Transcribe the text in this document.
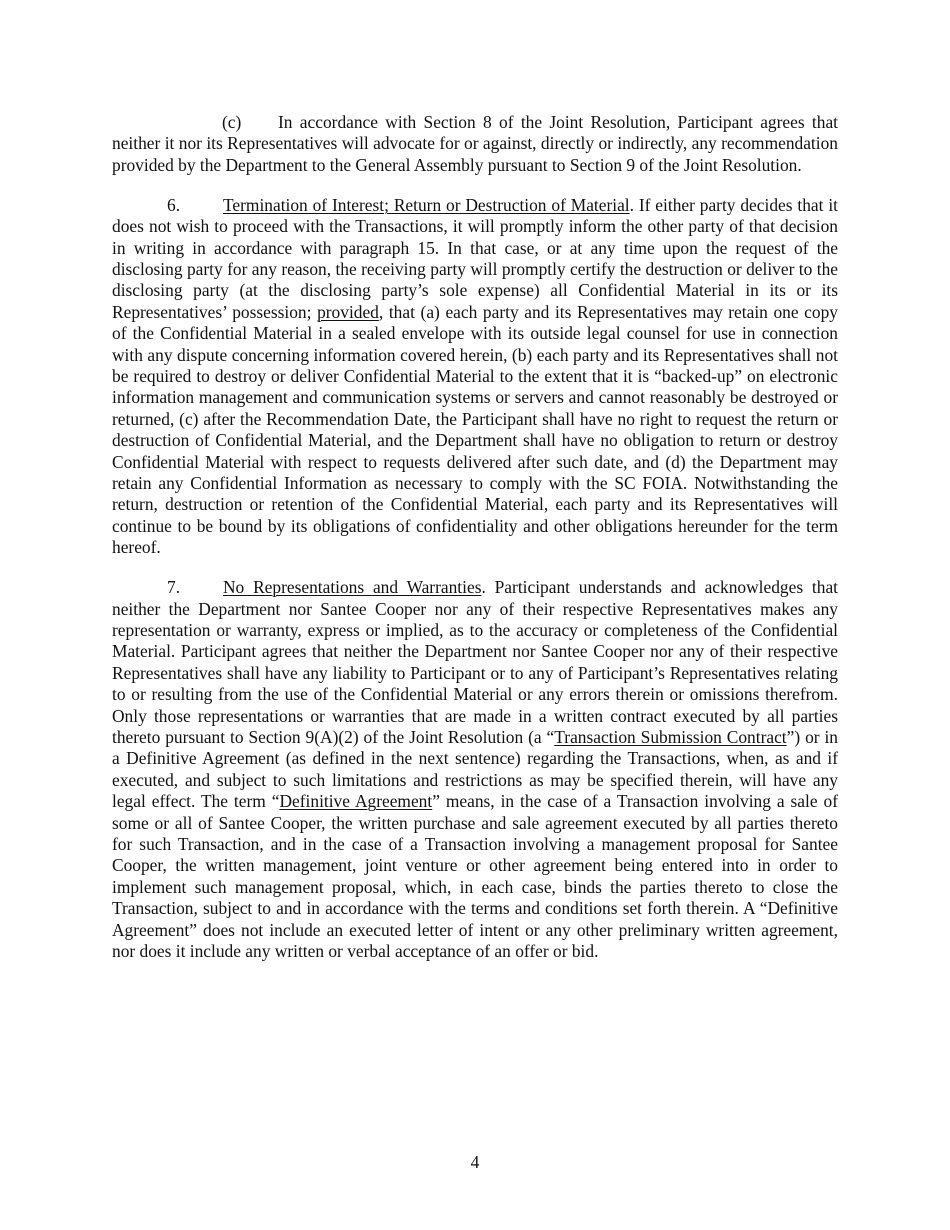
(c) In accordance with Section 8 of the Joint Resolution, Participant agrees that neither it nor its Representatives will advocate for or against, directly or indirectly, any recommendation provided by the Department to the General Assembly pursuant to Section 9 of the Joint Resolution.

6. Termination of Interest; Return or Destruction of Material. If either party decides that it does not wish to proceed with the Transactions, it will promptly inform the other party of that decision in writing in accordance with paragraph 15. In that case, or at any time upon the request of the disclosing party for any reason, the receiving party will promptly certify the destruction or deliver to the disclosing party (at the disclosing party’s sole expense) all Confidential Material in its or its Representatives’ possession; provided, that (a) each party and its Representatives may retain one copy of the Confidential Material in a sealed envelope with its outside legal counsel for use in connection with any dispute concerning information covered herein, (b) each party and its Representatives shall not be required to destroy or deliver Confidential Material to the extent that it is “backed-up” on electronic information management and communication systems or servers and cannot reasonably be destroyed or returned, (c) after the Recommendation Date, the Participant shall have no right to request the return or destruction of Confidential Material, and the Department shall have no obligation to return or destroy Confidential Material with respect to requests delivered after such date, and (d) the Department may retain any Confidential Information as necessary to comply with the SC FOIA. Notwithstanding the return, destruction or retention of the Confidential Material, each party and its Representatives will continue to be bound by its obligations of confidentiality and other obligations hereunder for the term hereof.

7. No Representations and Warranties. Participant understands and acknowledges that neither the Department nor Santee Cooper nor any of their respective Representatives makes any representation or warranty, express or implied, as to the accuracy or completeness of the Confidential Material. Participant agrees that neither the Department nor Santee Cooper nor any of their respective Representatives shall have any liability to Participant or to any of Participant’s Representatives relating to or resulting from the use of the Confidential Material or any errors therein or omissions therefrom. Only those representations or warranties that are made in a written contract executed by all parties thereto pursuant to Section 9(A)(2) of the Joint Resolution (a “Transaction Submission Contract”) or in a Definitive Agreement (as defined in the next sentence) regarding the Transactions, when, as and if executed, and subject to such limitations and restrictions as may be specified therein, will have any legal effect. The term “Definitive Agreement” means, in the case of a Transaction involving a sale of some or all of Santee Cooper, the written purchase and sale agreement executed by all parties thereto for such Transaction, and in the case of a Transaction involving a management proposal for Santee Cooper, the written management, joint venture or other agreement being entered into in order to implement such management proposal, which, in each case, binds the parties thereto to close the Transaction, subject to and in accordance with the terms and conditions set forth therein. A “Definitive Agreement” does not include an executed letter of intent or any other preliminary written agreement, nor does it include any written or verbal acceptance of an offer or bid.

4
